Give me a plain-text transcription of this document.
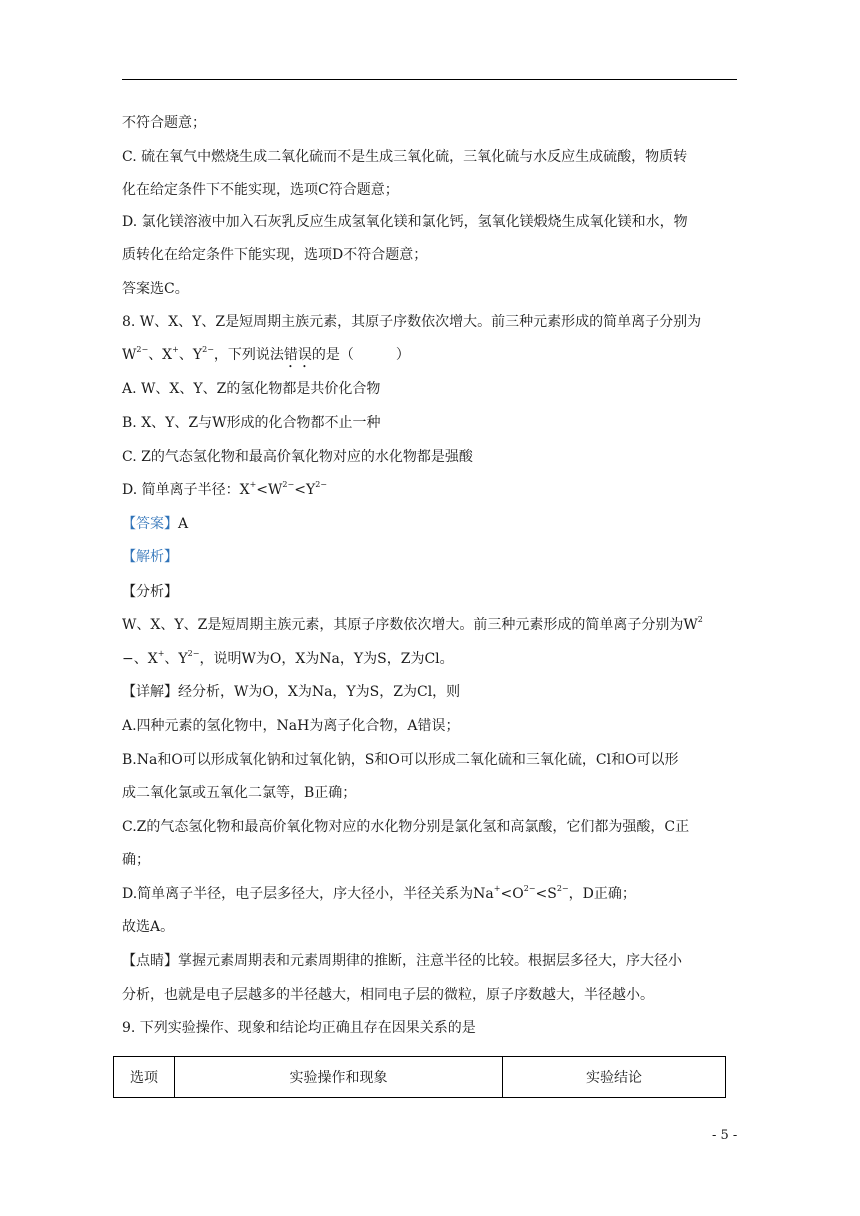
不符合题意；
C. 硫在氧气中燃烧生成二氧化硫而不是生成三氧化硫，三氧化硫与水反应生成硫酸，物质转
化在给定条件下不能实现，选项C符合题意；
D. 氯化镁溶液中加入石灰乳反应生成氢氧化镁和氯化钙，氢氧化镁煅烧生成氧化镁和水，物
质转化在给定条件下能实现，选项D不符合题意；
答案选C。
8. W、X、Y、Z是短周期主族元素，其原子序数依次增大。前三种元素形成的简单离子分别为
$W^{2-}$、X+、$Y^{2-}$，下列说法错误的是（　　　）
A. W、X、Y、Z的氢化物都是共价化合物
B. X、Y、Z与W形成的化合物都不止一种
C. Z的气态氢化物和最高价氧化物对应的水化物都是强酸
D. 简单离子半径：$X^+<W^{2-}<Y^{2-}$
【答案】A
【解析】
【分析】
W、X、Y、Z是短周期主族元素，其原子序数依次增大。前三种元素形成的简单离子分别为$W^2$
−、X+、$Y^{2-}$，说明W为O，X为Na，Y为S，Z为Cl。
【详解】经分析，W为O，X为Na，Y为S，Z为Cl，则
A.四种元素的氢化物中，NaH为离子化合物，A错误；
B.Na和O可以形成氧化钠和过氧化钠，S和O可以形成二氧化硫和三氧化硫，Cl和O可以形
成二氧化氯或五氧化二氯等，B正确；
C.Z的气态氢化物和最高价氧化物对应的水化物分别是氯化氢和高氯酸，它们都为强酸，C正
确；
D.简单离子半径，电子层多径大，序大径小，半径关系为$Na^+<O^{2-}<S^{2-}$，D正确；
故选A。
【点睛】掌握元素周期表和元素周期律的推断，注意半径的比较。根据层多径大，序大径小
分析，也就是电子层越多的半径越大，相同电子层的微粒，原子序数越大，半径越小。
9. 下列实验操作、现象和结论均正确且存在因果关系的是
选项	实验操作和现象	实验结论
- 5 -
